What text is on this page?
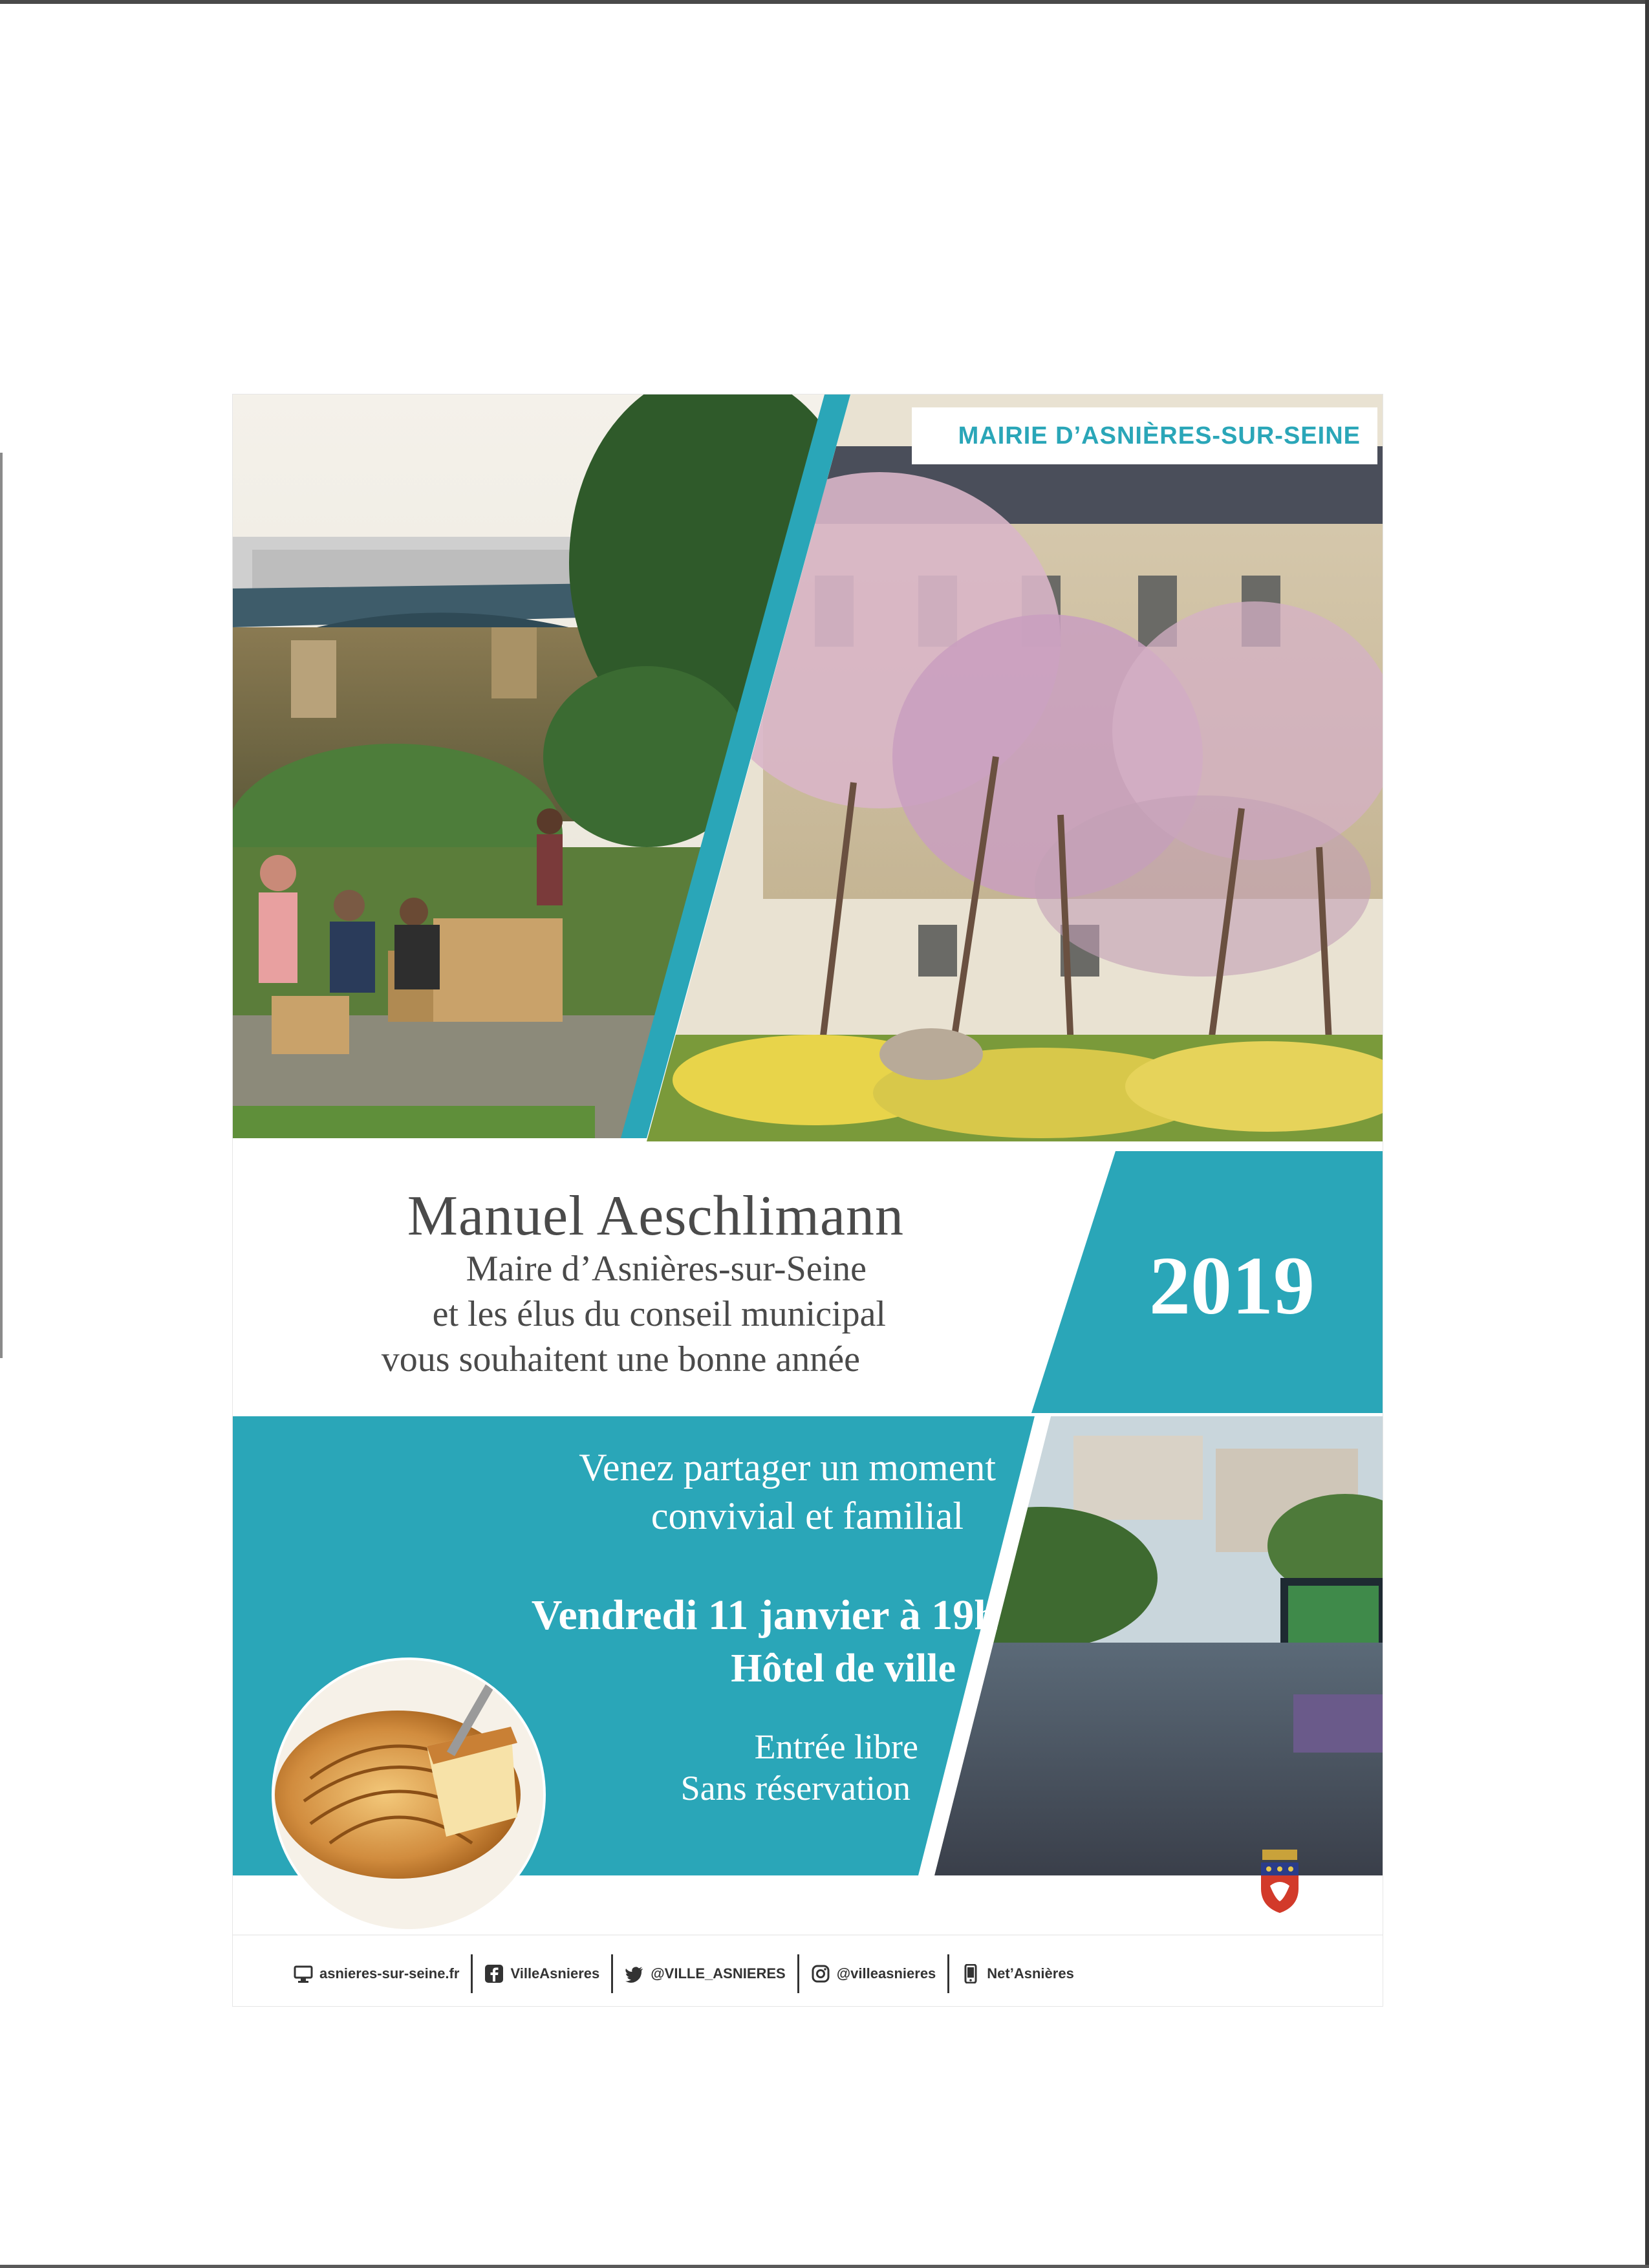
MAIRIE D’ASNIÈRES-SUR-SEINE
Manuel Aeschlimann
Maire d’Asnières-sur-Seine
et les élus du conseil municipal
vous souhaitent une bonne année
2019
Venez partager un moment
convivial et familial
Vendredi 11 janvier à 19h
Hôtel de ville
Entrée libre
Sans réservation
asnieres-sur-seine.fr	VilleAsnieres	@VILLE_ASNIERES	@villeasnieres	Net’Asnières
